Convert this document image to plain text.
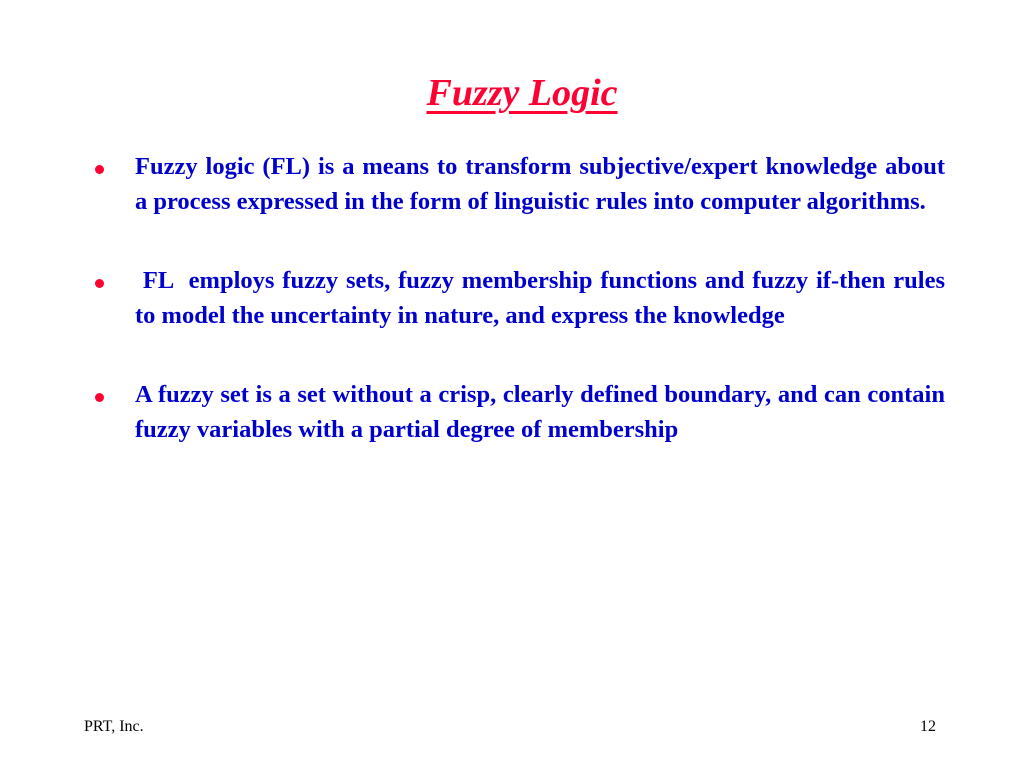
Fuzzy Logic
Fuzzy logic (FL) is a means to transform subjective/expert knowledge about a process expressed in the form of linguistic rules into computer algorithms.
FL  employs fuzzy sets, fuzzy membership functions and fuzzy if-then rules to model the uncertainty in nature, and express the knowledge
A fuzzy set is a set without a crisp, clearly defined boundary, and can contain fuzzy variables with a partial degree of membership
PRT, Inc.	12
